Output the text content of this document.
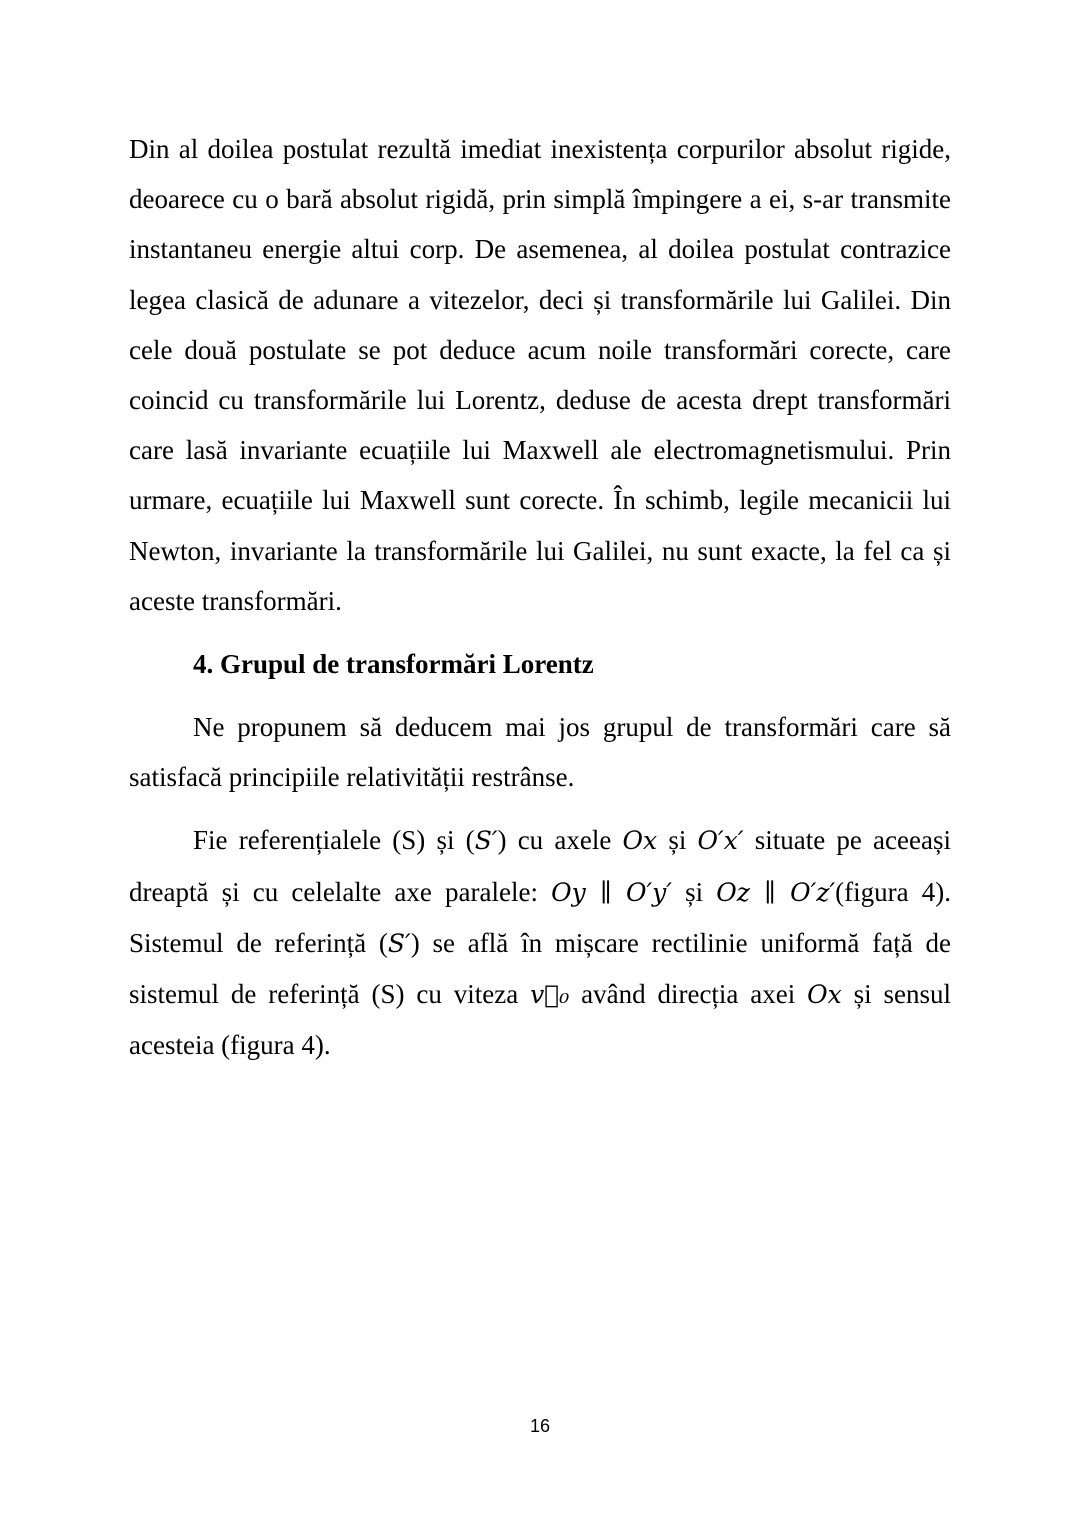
Din al doilea postulat rezultă imediat inexistența corpurilor absolut rigide, deoarece cu o bară absolut rigidă, prin simplă împingere a ei, s-ar transmite instantaneu energie altui corp. De asemenea, al doilea postulat contrazice legea clasică de adunare a vitezelor, deci și transformările lui Galilei. Din cele două postulate se pot deduce acum noile transformări corecte, care coincid cu transformările lui Lorentz, deduse de acesta drept transformări care lasă invariante ecuațiile lui Maxwell ale electromagnetismului. Prin urmare, ecuațiile lui Maxwell sunt corecte. În schimb, legile mecanicii lui Newton, invariante la transformările lui Galilei, nu sunt exacte, la fel ca și aceste transformări.

4. Grupul de transformări Lorentz

Ne propunem să deducem mai jos grupul de transformări care să satisfacă principiile relativității restrânse.

Fie referențialele (S) și (S′) cu axele Ox și O′x′ situate pe aceeași dreaptă și cu celelalte axe paralele: Oy ∥ O′y′ și Oz ∥ O′z′(figura 4). Sistemul de referință (S′) se află în mișcare rectilinie uniformă față de sistemul de referință (S) cu viteza v⃗₀ având direcția axei Ox și sensul acesteia (figura 4).

16
